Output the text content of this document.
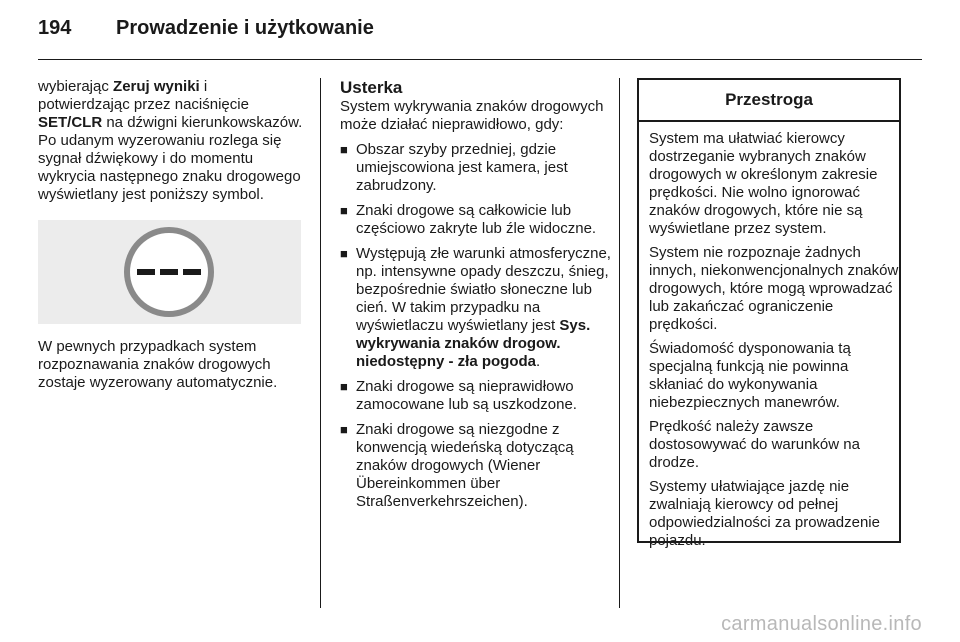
194 Prowadzenie i użytkowanie

wybierając Zeruj wyniki i potwierdzając przez naciśnięcie SET/CLR na dźwigni kierunkowskazów. Po udanym wyzerowaniu rozlega się sygnał dźwiękowy i do momentu wykrycia następnego znaku drogowego wyświetlany jest poniższy symbol.

W pewnych przypadkach system rozpoznawania znaków drogowych zostaje wyzerowany automatycznie.

Usterka

System wykrywania znaków drogowych może działać nieprawidłowo, gdy:

■ Obszar szyby przedniej, gdzie umiejscowiona jest kamera, jest zabrudzony.
■ Znaki drogowe są całkowicie lub częściowo zakryte lub źle widoczne.
■ Występują złe warunki atmosferyczne, np. intensywne opady deszczu, śnieg, bezpośrednie światło słoneczne lub cień. W takim przypadku na wyświetlaczu wyświetlany jest Sys. wykrywania znaków drogow. niedostępny - zła pogoda.
■ Znaki drogowe są nieprawidłowo zamocowane lub są uszkodzone.
■ Znaki drogowe są niezgodne z konwencją wiedeńską dotyczącą znaków drogowych (Wiener Übereinkommen über Straßenverkehrszeichen).
Przestroga

System ma ułatwiać kierowcy dostrzeganie wybranych znaków drogowych w określonym zakresie prędkości. Nie wolno ignorować znaków drogowych, które nie są wyświetlane przez system.

System nie rozpoznaje żadnych innych, niekonwencjonalnych znaków drogowych, które mogą wprowadzać lub zakańczać ograniczenie prędkości.

Świadomość dysponowania tą specjalną funkcją nie powinna skłaniać do wykonywania niebezpiecznych manewrów.

Prędkość należy zawsze dostosowywać do warunków na drodze.

Systemy ułatwiające jazdę nie zwalniają kierowcy od pełnej odpowiedzialności za prowadzenie pojazdu.

carmanualsonline.info
